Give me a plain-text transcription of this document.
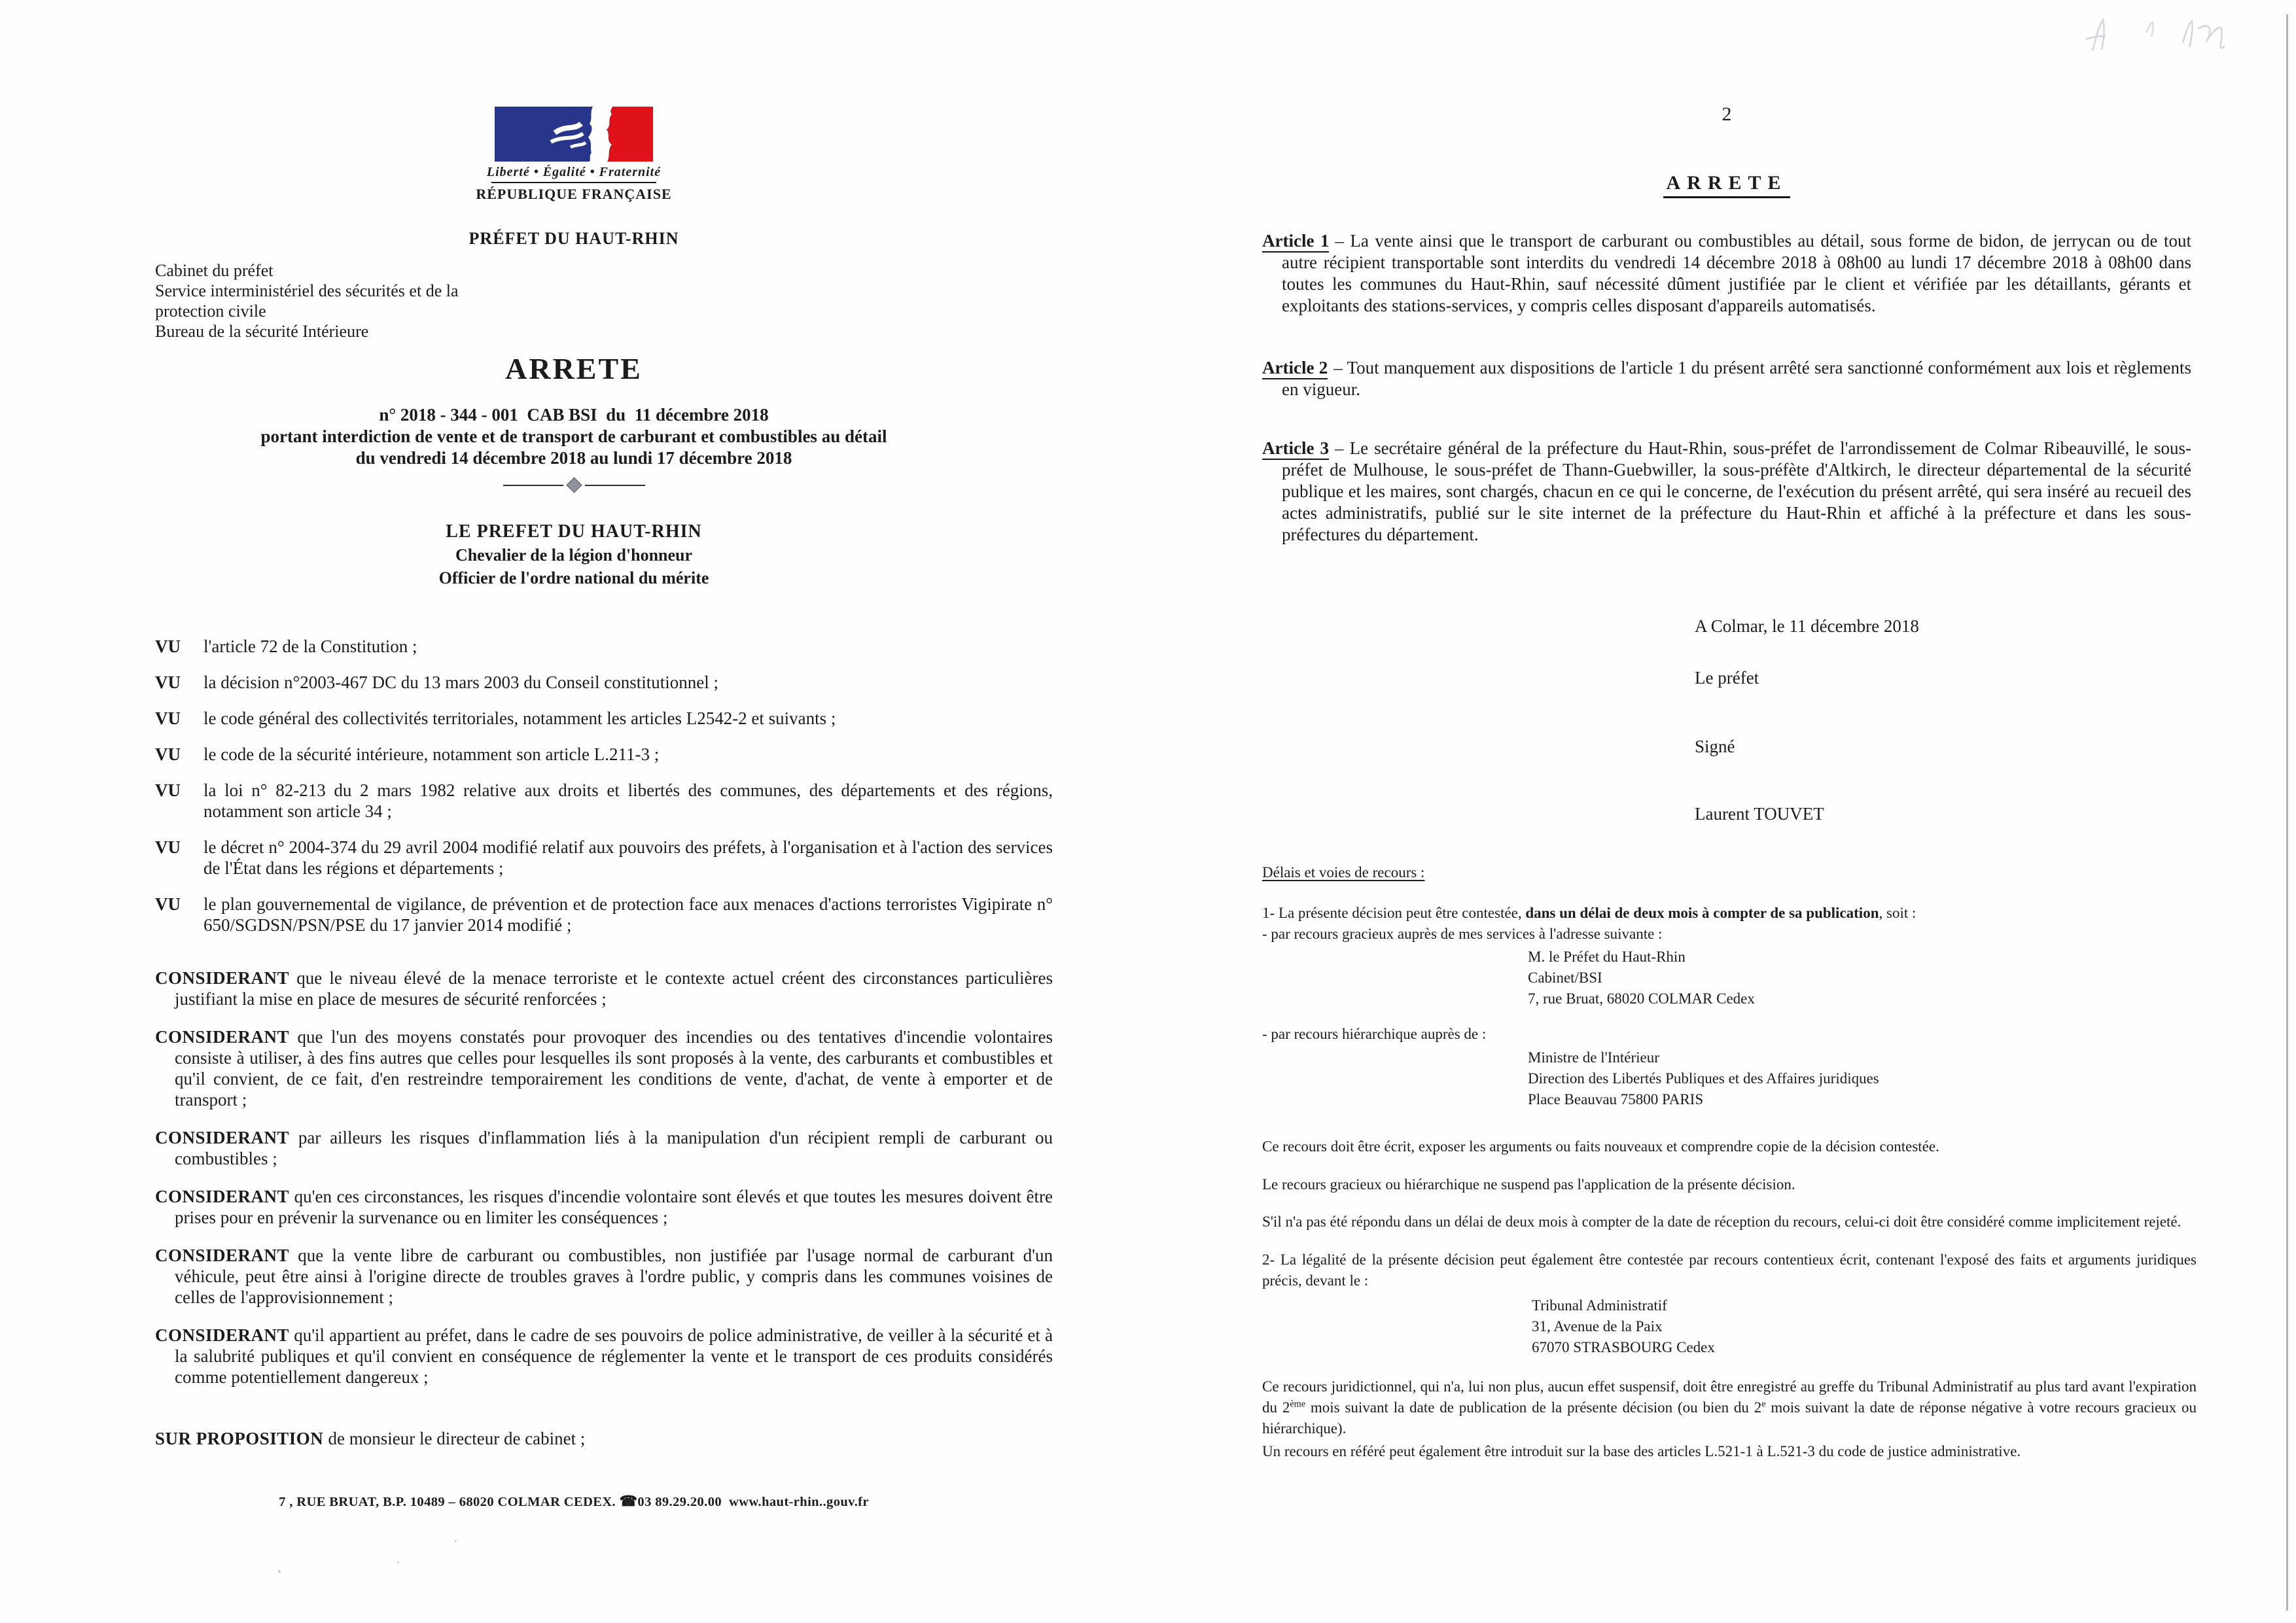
Liberté • Égalité • Fraternité
RÉPUBLIQUE FRANÇAISE
PRÉFET DU HAUT-RHIN
Cabinet du préfet
Service interministériel des sécurités et de la
protection civile
Bureau de la sécurité Intérieure
ARRETE
n° 2018 - 344 - 001  CAB BSI  du  11 décembre 2018
portant interdiction de vente et de transport de carburant et combustibles au détail
du vendredi 14 décembre 2018 au lundi 17 décembre 2018
LE PREFET DU HAUT-RHIN
Chevalier de la légion d'honneur
Officier de l'ordre national du mérite
VU	l'article 72 de la Constitution ;
VU	la décision n°2003-467 DC du 13 mars 2003 du Conseil constitutionnel ;
VU	le code général des collectivités territoriales, notamment les articles L2542-2 et suivants ;
VU	le code de la sécurité intérieure, notamment son article L.211-3 ;
VU	la loi n° 82-213 du 2 mars 1982 relative aux droits et libertés des communes, des départements et des régions, notamment son article 34 ;
VU	le décret n° 2004-374 du 29 avril 2004 modifié relatif aux pouvoirs des préfets, à l'organisation et à l'action des services de l'État dans les régions et départements ;
VU	le plan gouvernemental de vigilance, de prévention et de protection face aux menaces d'actions terroristes Vigipirate n° 650/SGDSN/PSN/PSE du 17 janvier 2014 modifié ;

CONSIDERANT que le niveau élevé de la menace terroriste et le contexte actuel créent des circonstances particulières justifiant la mise en place de mesures de sécurité renforcées ;

CONSIDERANT que l'un des moyens constatés pour provoquer des incendies ou des tentatives d'incendie volontaires consiste à utiliser, à des fins autres que celles pour lesquelles ils sont proposés à la vente, des carburants et combustibles et qu'il convient, de ce fait, d'en restreindre temporairement les conditions de vente, d'achat, de vente à emporter et de transport ;

CONSIDERANT par ailleurs les risques d'inflammation liés à la manipulation d'un récipient rempli de carburant ou combustibles ;

CONSIDERANT qu'en ces circonstances, les risques d'incendie volontaire sont élevés et que toutes les mesures doivent être prises pour en prévenir la survenance ou en limiter les conséquences ;

CONSIDERANT que la vente libre de carburant ou combustibles, non justifiée par l'usage normal de carburant d'un véhicule, peut être ainsi à l'origine directe de troubles graves à l'ordre public, y compris dans les communes voisines de celles de l'approvisionnement ;

CONSIDERANT qu'il appartient au préfet, dans le cadre de ses pouvoirs de police administrative, de veiller à la sécurité et à la salubrité publiques et qu'il convient en conséquence de réglementer la vente et le transport de ces produits considérés comme potentiellement dangereux ;

SUR PROPOSITION de monsieur le directeur de cabinet ;

7 , RUE BRUAT, B.P. 10489 – 68020 COLMAR CEDEX. ☎03 89.29.20.00  www.haut-rhin..gouv.fr
2
ARRETE

Article 1 – La vente ainsi que le transport de carburant ou combustibles au détail, sous forme de bidon, de jerrycan ou de tout autre récipient transportable sont interdits du vendredi 14 décembre 2018 à 08h00 au lundi 17 décembre 2018 à 08h00 dans toutes les communes du Haut-Rhin, sauf nécessité dûment justifiée par le client et vérifiée par les détaillants, gérants et exploitants des stations-services, y compris celles disposant d'appareils automatisés.

Article 2 – Tout manquement aux dispositions de l'article 1 du présent arrêté sera sanctionné conformément aux lois et règlements en vigueur.

Article 3 – Le secrétaire général de la préfecture du Haut-Rhin, sous-préfet de l'arrondissement de Colmar Ribeauvillé, le sous-préfet de Mulhouse, le sous-préfet de Thann-Guebwiller, la sous-préfète d'Altkirch, le directeur départemental de la sécurité publique et les maires, sont chargés, chacun en ce qui le concerne, de l'exécution du présent arrêté, qui sera inséré au recueil des actes administratifs, publié sur le site internet de la préfecture du Haut-Rhin et affiché à la préfecture et dans les sous-préfectures du département.

A Colmar, le 11 décembre 2018
Le préfet
Signé
Laurent TOUVET
Délais et voies de recours :
1- La présente décision peut être contestée, dans un délai de deux mois à compter de sa publication, soit :
- par recours gracieux auprès de mes services à l'adresse suivante :
M. le Préfet du Haut-Rhin
Cabinet/BSI
7, rue Bruat, 68020 COLMAR Cedex
- par recours hiérarchique auprès de :
Ministre de l'Intérieur
Direction des Libertés Publiques et des Affaires juridiques
Place Beauvau 75800 PARIS

Ce recours doit être écrit, exposer les arguments ou faits nouveaux et comprendre copie de la décision contestée.

Le recours gracieux ou hiérarchique ne suspend pas l'application de la présente décision.

S'il n'a pas été répondu dans un délai de deux mois à compter de la date de réception du recours, celui-ci doit être considéré comme implicitement rejeté.

2- La légalité de la présente décision peut également être contestée par recours contentieux écrit, contenant l'exposé des faits et arguments juridiques précis, devant le :

Tribunal Administratif
31, Avenue de la Paix
67070 STRASBOURG Cedex

Ce recours juridictionnel, qui n'a, lui non plus, aucun effet suspensif, doit être enregistré au greffe du Tribunal Administratif au plus tard avant l'expiration du 2ème mois suivant la date de publication de la présente décision (ou bien du 2e mois suivant la date de réponse négative à votre recours gracieux ou hiérarchique).

Un recours en référé peut également être introduit sur la base des articles L.521-1 à L.521-3 du code de justice administrative.
